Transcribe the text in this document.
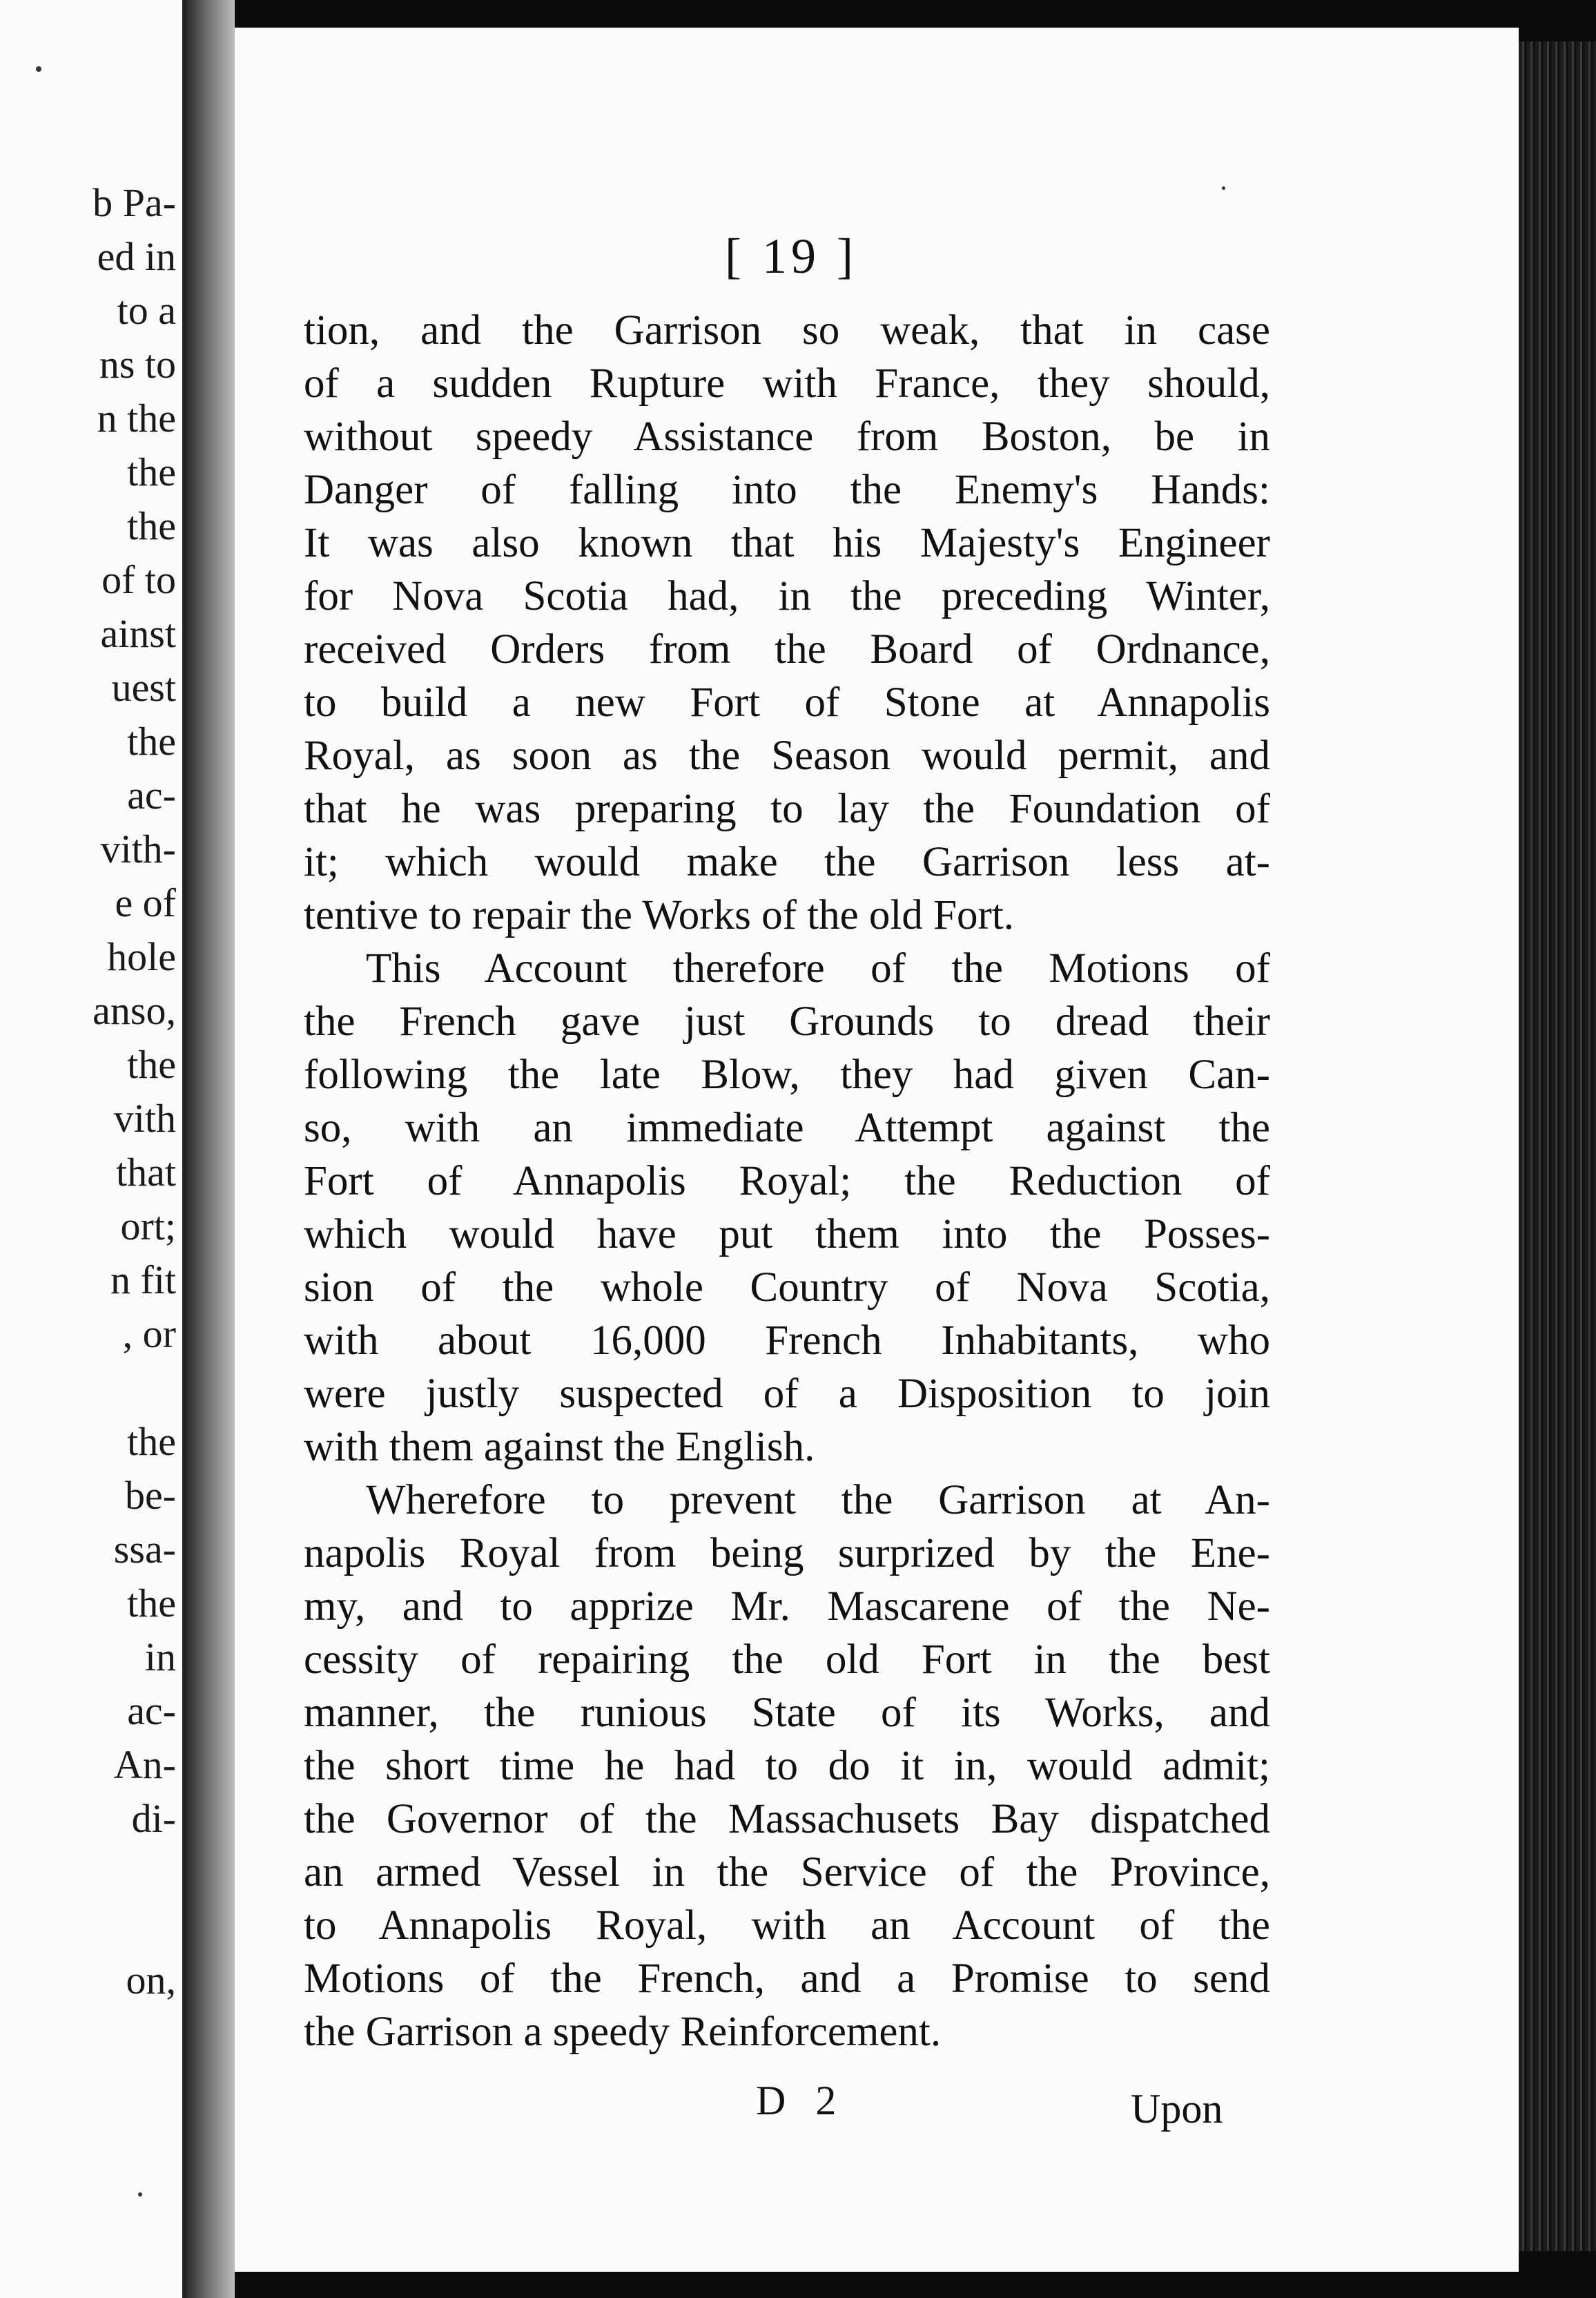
b Pa-
ed in
to a
ns to
n the
the
the
of to
ainst
uest
the
ac-
vith-
e of
hole
anso,
the
vith
that
ort;
n fit
, or
the
be-
ssa-
the
in
ac-
An-
di-
on,
[ 19 ]
tion, and the Garrison so weak, that in case
of a sudden Rupture with France, they should,
without speedy Assistance from Boston, be in
Danger of falling into the Enemy's Hands:
It was also known that his Majesty's Engineer
for Nova Scotia had, in the preceding Winter,
received Orders from the Board of Ordnance,
to build a new Fort of Stone at Annapolis
Royal, as soon as the Season would permit, and
that he was preparing to lay the Foundation of
it; which would make the Garrison less at-
tentive to repair the Works of the old Fort.
This Account therefore of the Motions of
the French gave just Grounds to dread their
following the late Blow, they had given Can-
so, with an immediate Attempt against the
Fort of Annapolis Royal; the Reduction of
which would have put them into the Posses-
sion of the whole Country of Nova Scotia,
with about 16,000 French Inhabitants, who
were justly suspected of a Disposition to join
with them against the English.
Wherefore to prevent the Garrison at An-
napolis Royal from being surprized by the Ene-
my, and to apprize Mr. Mascarene of the Ne-
cessity of repairing the old Fort in the best
manner, the runious State of its Works, and
the short time he had to do it in, would admit;
the Governor of the Massachusets Bay dispatched
an armed Vessel in the Service of the Province,
to Annapolis Royal, with an Account of the
Motions of the French, and a Promise to send
the Garrison a speedy Reinforcement.
D 2	Upon
